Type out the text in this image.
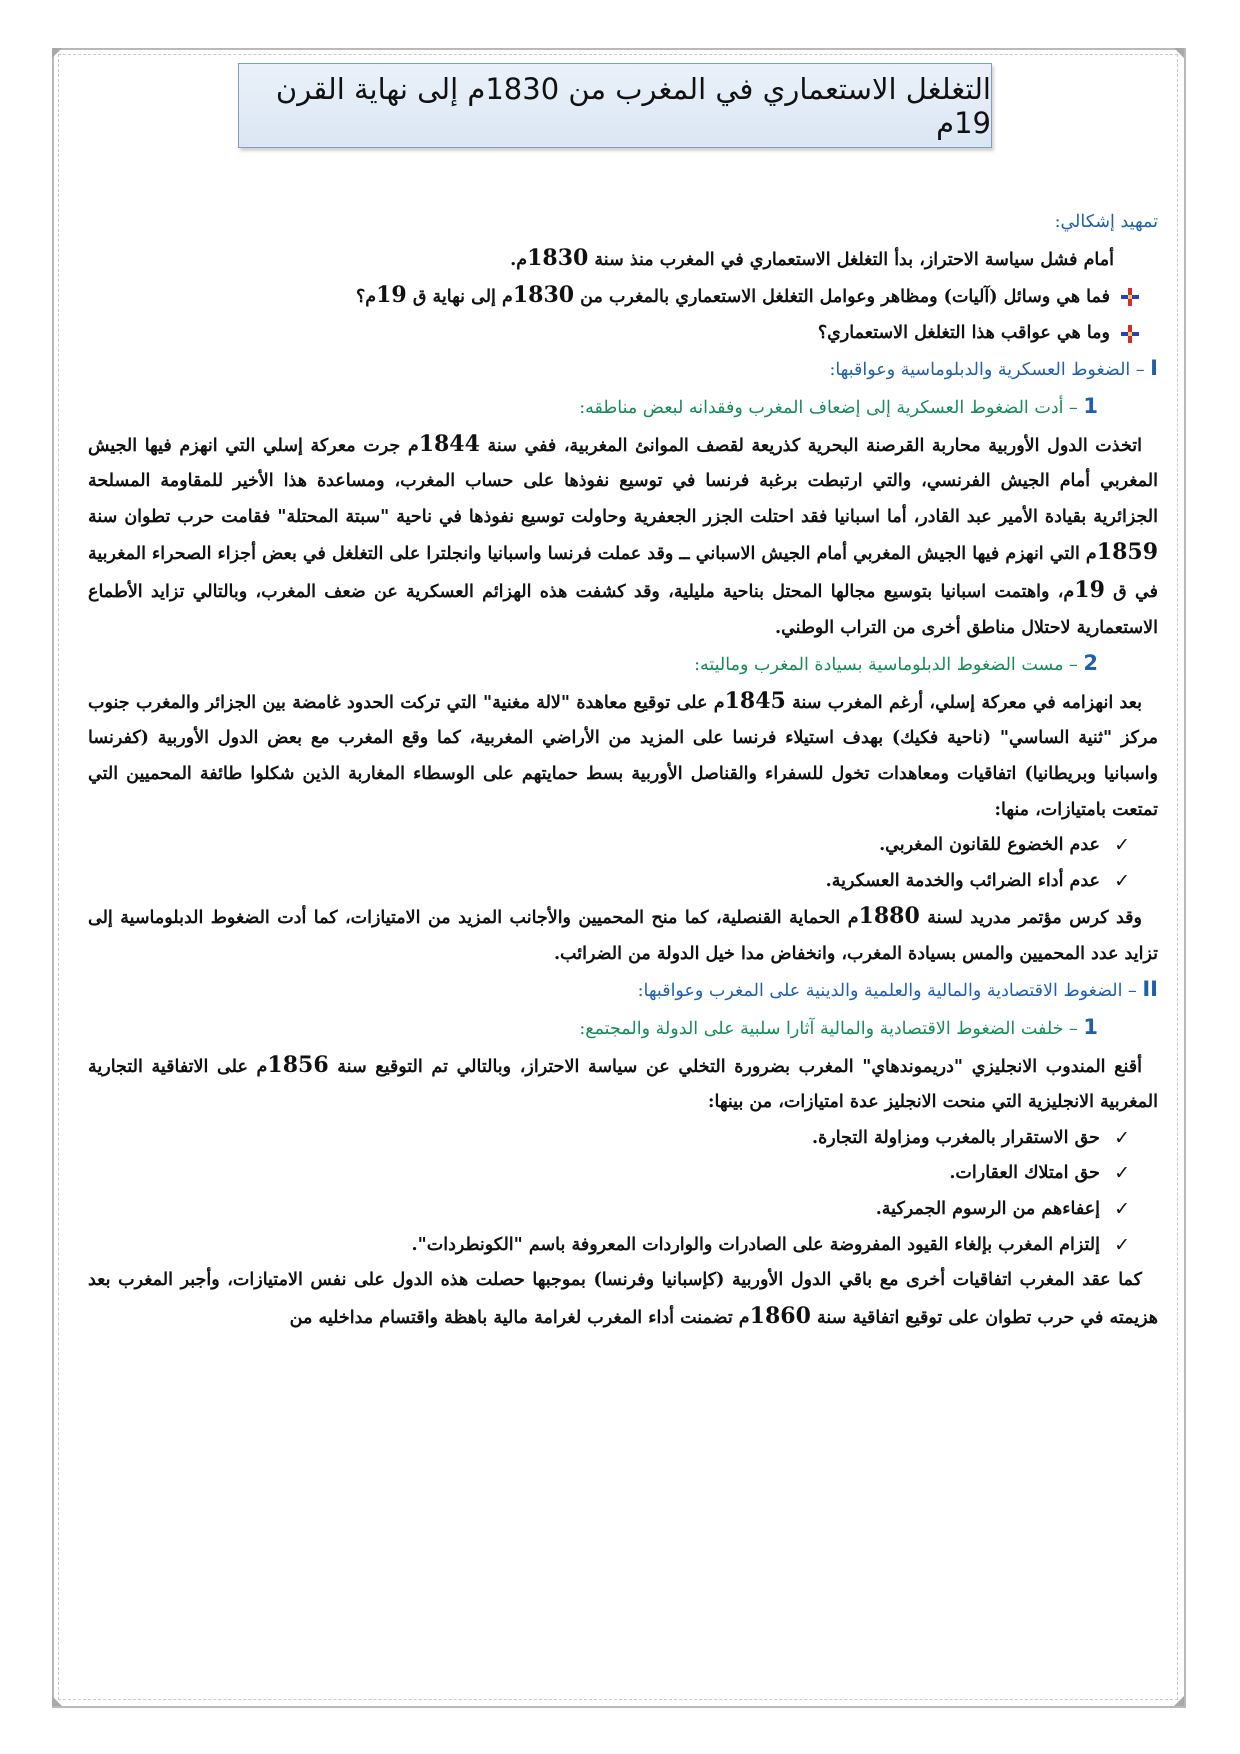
التغلغل الاستعماري في المغرب من 1830م إلى نهاية القرن 19م

تمهيد إشكالي:

أمام فشل سياسة الاحتراز، بدأ التغلغل الاستعماري في المغرب منذ سنة 1830م.

فما هي وسائل (آليات) ومظاهر وعوامل التغلغل الاستعماري بالمغرب من 1830م إلى نهاية ق 19م؟

وما هي عواقب هذا التغلغل الاستعماري؟

I – الضغوط العسكرية والدبلوماسية وعواقبها:

1 – أدت الضغوط العسكرية إلى إضعاف المغرب وفقدانه لبعض مناطقه:

اتخذت الدول الأوربية محاربة القرصنة البحرية كذريعة لقصف الموانئ المغربية، ففي سنة 1844م جرت معركة إسلي التي انهزم فيها الجيش المغربي أمام الجيش الفرنسي، والتي ارتبطت برغبة فرنسا في توسيع نفوذها على حساب المغرب، ومساعدة هذا الأخير للمقاومة المسلحة الجزائرية بقيادة الأمير عبد القادر، أما اسبانيا فقد احتلت الجزر الجعفرية وحاولت توسيع نفوذها في ناحية "سبتة المحتلة" فقامت حرب تطوان سنة 1859م التي انهزم فيها الجيش المغربي أمام الجيش الاسباني ــ وقد عملت فرنسا واسبانيا وانجلترا على التغلغل في بعض أجزاء الصحراء المغربية في ق 19م، واهتمت اسبانيا بتوسيع مجالها المحتل بناحية مليلية، وقد كشفت هذه الهزائم العسكرية عن ضعف المغرب، وبالتالي تزايد الأطماع الاستعمارية لاحتلال مناطق أخرى من التراب الوطني.

2 – مست الضغوط الدبلوماسية بسيادة المغرب وماليته:

بعد انهزامه في معركة إسلي، أرغم المغرب سنة 1845م على توقيع معاهدة "لالة مغنية" التي تركت الحدود غامضة بين الجزائر والمغرب جنوب مركز "ثنية الساسي" (ناحية فكيك) بهدف استيلاء فرنسا على المزيد من الأراضي المغربية، كما وقع المغرب مع بعض الدول الأوربية (كفرنسا واسبانيا وبريطانيا) اتفاقيات ومعاهدات تخول للسفراء والقناصل الأوربية بسط حمايتهم على الوسطاء المغاربة الذين شكلوا طائفة المحميين التي تمتعت بامتيازات، منها:

✓
عدم الخضوع للقانون المغربي.

✓
عدم أداء الضرائب والخدمة العسكرية.

وقد كرس مؤتمر مدريد لسنة 1880م الحماية القنصلية، كما منح المحميين والأجانب المزيد من الامتيازات، كما أدت الضغوط الدبلوماسية إلى تزايد عدد المحميين والمس بسيادة المغرب، وانخفاض مدا خيل الدولة من الضرائب.

II – الضغوط الاقتصادية والمالية والعلمية والدينية على المغرب وعواقبها:

1 – خلفت الضغوط الاقتصادية والمالية آثارا سلبية على الدولة والمجتمع:

أقنع المندوب الانجليزي "دريموندهاي" المغرب بضرورة التخلي عن سياسة الاحتراز، وبالتالي تم التوقيع سنة 1856م على الاتفاقية التجارية المغربية الانجليزية التي منحت الانجليز عدة امتيازات، من بينها:

✓
حق الاستقرار بالمغرب ومزاولة التجارة.

✓
حق امتلاك العقارات.

✓
إعفاءهم من الرسوم الجمركية.

✓
إلتزام المغرب بإلغاء القيود المفروضة على الصادرات والواردات المعروفة باسم "الكونطردات".

كما عقد المغرب اتفاقيات أخرى مع باقي الدول الأوربية (كإسبانيا وفرنسا) بموجبها حصلت هذه الدول على نفس الامتيازات، وأجبر المغرب بعد هزيمته في حرب تطوان على توقيع اتفاقية سنة 1860م تضمنت أداء المغرب لغرامة مالية باهظة واقتسام مداخليه من
